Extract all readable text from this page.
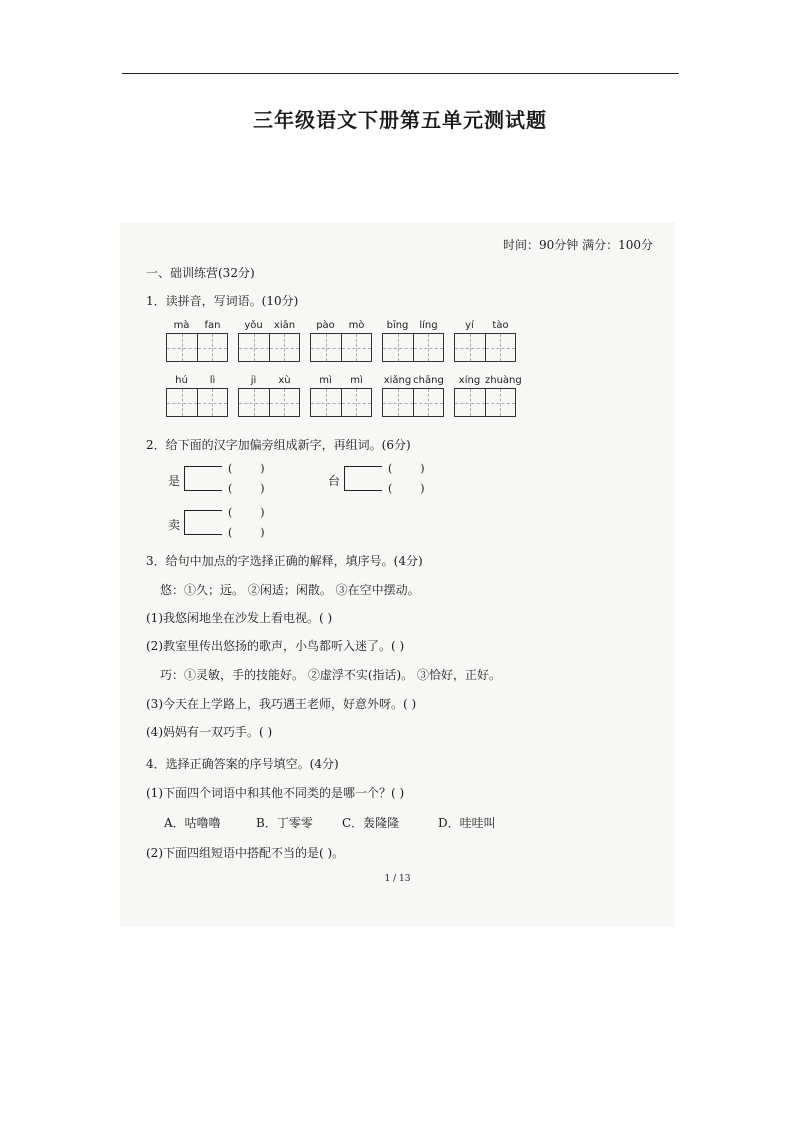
三年级语文下册第五单元测试题
时间：90分钟 满分：100分
一、础训练营(32分)
1．读拼音，写词语。(10分)
mà	fan	yǒu	xiān	pào	mò	bīng	líng	yí	tào
hú	lì	jì	xù	mì	mì	xiǎng chāng	xíng zhuàng
2．给下面的汉字加偏旁组成新字，再组词。(6分)
是
(        )
(        )
台
(        )
(        )
卖
(        )
(        )
3．给句中加点的字选择正确的解释，填序号。(4分)
悠：①久；远。 ②闲适；闲散。 ③在空中摆动。
(1)我悠闲地坐在沙发上看电视。( )
(2)教室里传出悠扬的歌声，小鸟都听入迷了。( )
巧：①灵敏，手的技能好。 ②虚浮不实(指话)。 ③恰好，正好。
(3)今天在上学路上，我巧遇王老师，好意外呀。( )
(4)妈妈有一双巧手。( )
4．选择正确答案的序号填空。(4分)
(1)下面四个词语中和其他不同类的是哪一个？( )
A．咕噜噜	B．丁零零 C．轰隆隆	D．哇哇叫
(2)下面四组短语中搭配不当的是( )。
1 / 13
